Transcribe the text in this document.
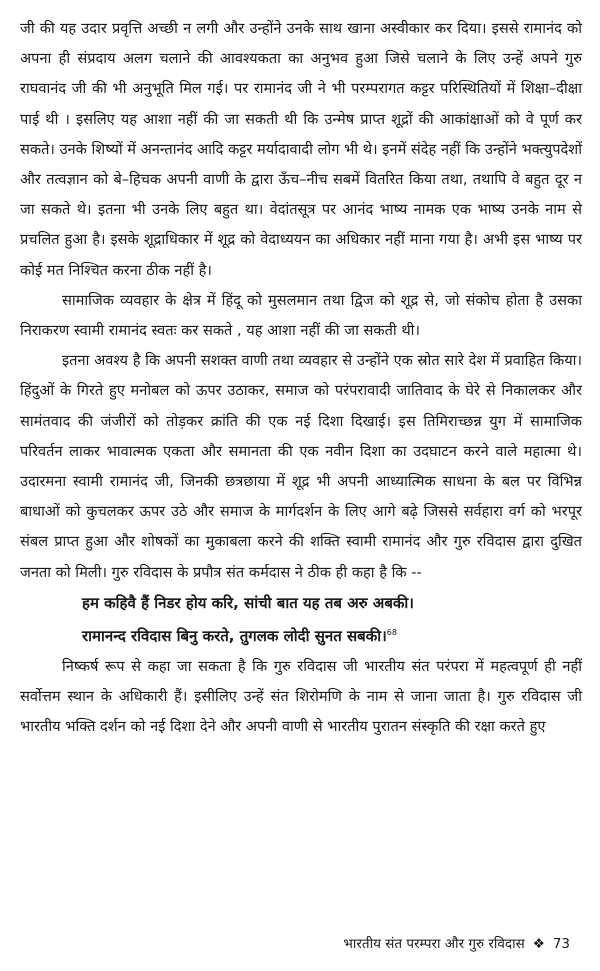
जी की यह उदार प्रवृत्ति अच्छी न लगी और उन्होंने उनके साथ खाना अस्वीकार कर दिया। इससे रामानंद को अपना ही संप्रदाय अलग चलाने की आवश्यकता का अनुभव हुआ जिसे चलाने के लिए उन्हें अपने गुरु राघवानंद जी की भी अनुभूति मिल गई। पर रामानंद जी ने भी परम्परागत कट्टर परिस्थितियों में शिक्षा–दीक्षा पाई थी । इसलिए यह आशा नहीं की जा सकती थी कि उन्मेष प्राप्त शूद्रों की आकांक्षाओं को वे पूर्ण कर सकते। उनके शिष्यों में अनन्तानंद आदि कट्टर मर्यादावादी लोग भी थे। इनमें संदेह नहीं कि उन्होंने भक्त्युपदेशों और तत्वज्ञान को बे–हिचक अपनी वाणी के द्वारा ऊँच–नीच सबमें वितरित किया तथा, तथापि वे बहुत दूर न जा सकते थे। इतना भी उनके लिए बहुत था। वेदांतसूत्र पर आनंद भाष्य नामक एक भाष्य उनके नाम से प्रचलित हुआ है। इसके शूद्राधिकार में शूद्र को वेदाध्ययन का अधिकार नहीं माना गया है। अभी इस भाष्य पर कोई मत निश्चित करना ठीक नहीं है।

सामाजिक व्यवहार के क्षेत्र में हिंदू को मुसलमान तथा द्विज को शूद्र से, जो संकोच होता है उसका निराकरण स्वामी रामानंद स्वतः कर सकते , यह आशा नहीं की जा सकती थी।

इतना अवश्य है कि अपनी सशक्त वाणी तथा व्यवहार से उन्होंने एक स्रोत सारे देश में प्रवाहित किया। हिंदुओं के गिरते हुए मनोबल को ऊपर उठाकर, समाज को परंपरावादी जातिवाद के घेरे से निकालकर और सामंतवाद की जंजीरों को तोड़कर क्रांति की एक नई दिशा दिखाई। इस तिमिराच्छन्न युग में सामाजिक परिवर्तन लाकर भावात्मक एकता और समानता की एक नवीन दिशा का उदघाटन करने वाले महात्मा थे। उदारमना स्वामी रामानंद जी, जिनकी छत्रछाया में शूद्र भी अपनी आध्यात्मिक साधना के बल पर विभिन्न बाधाओं को कुचलकर ऊपर उठे और समाज के मार्गदर्शन के लिए आगे बढ़े जिससे सर्वहारा वर्ग को भरपूर संबल प्राप्त हुआ और शोषकों का मुकाबला करने की शक्ति स्वामी रामानंद और गुरु रविदास द्वारा दुखित जनता को मिली। गुरु रविदास के प्रपौत्र संत कर्मदास ने ठीक ही कहा है कि --

हम कहिवै हैं निडर होय करि, सांची बात यह तब अरु अबकी।

रामानन्द रविदास बिनु करते, तुगलक लोदी सुनत सबकी।$^{68}$

निष्कर्ष रूप से कहा जा सकता है कि गुरु रविदास जी भारतीय संत परंपरा में महत्वपूर्ण ही नहीं सर्वोत्तम स्थान के अधिकारी हैं। इसीलिए उन्हें संत शिरोमणि के नाम से जाना जाता है। गुरु रविदास जी भारतीय भक्ति दर्शन को नई दिशा देने और अपनी वाणी से भारतीय पुरातन संस्कृति की रक्षा करते हुए

भारतीय संत परम्परा और गुरु रविदास ❖ 73
